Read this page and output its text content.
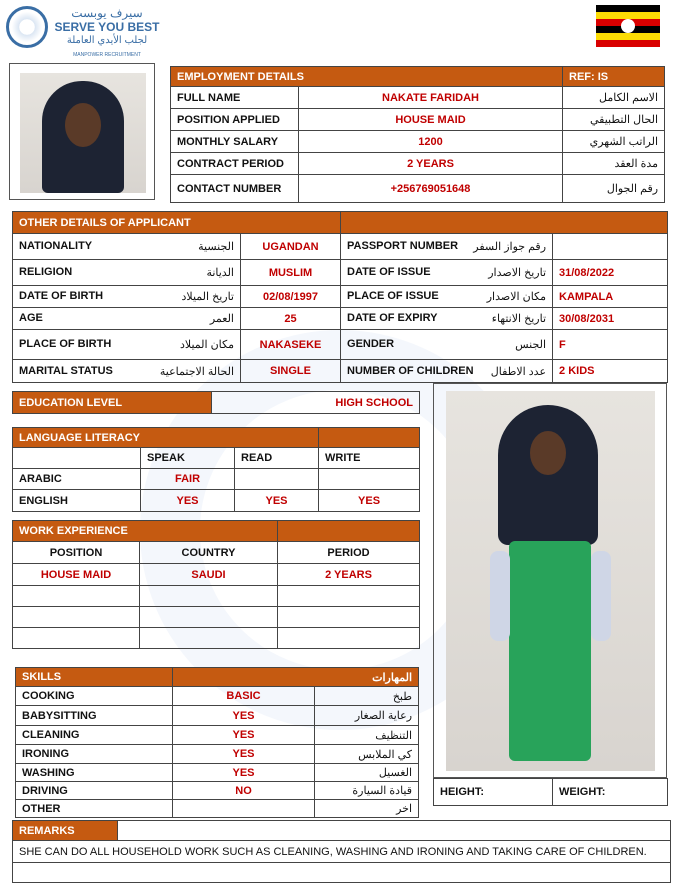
سيرف يوبست
SERVE YOU BEST
لجلب الأيدي العاملة
MANPOWER RECRUITMENT
EMPLOYMENT DETAILS		REF: IS
FULL NAME	NAKATE FARIDAH	الاسم الكامل
POSITION APPLIED	HOUSE MAID	الحال التطبيقي
MONTHLY SALARY	1200	الراتب الشهري
CONTRACT PERIOD	2 YEARS	مدة العقد
CONTACT NUMBER	+256769051648	رقم الجوال
OTHER DETAILS OF APPLICANT			
NATIONALITY الجنسية	UGANDAN	PASSPORT NUMBER رقم جواز السفر	

RELIGION الديانة	MUSLIM	DATE OF ISSUE تاريخ الاصدار	31/08/2022
DATE OF BIRTH تاريخ الميلاد	02/08/1997	PLACE OF ISSUE مكان الاصدار	KAMPALA
AGE العمر	25	DATE OF EXPIRY تاريخ الانتهاء	30/08/2031
PLACE OF BIRTH مكان الميلاد	NAKASEKE	GENDER الجنس	F
MARITAL STATUS الحالة الاجتماعية	SINGLE	NUMBER OF CHILDREN عدد الاطفال	2 KIDS
EDUCATION LEVEL	HIGH SCHOOL
LANGUAGE LITERACY			
	SPEAK	READ	WRITE
ARABIC	FAIR		
ENGLISH	YES	YES	YES
WORK EXPERIENCE		
POSITION	COUNTRY	PERIOD
HOUSE MAID	SAUDI	2 YEARS

SKILLS	المهارات	
COOKING	BASIC	طبخ
BABYSITTING	YES	رعاية الصغار
CLEANING	YES	التنظيف
IRONING	YES	كي الملابس
WASHING	YES	الغسيل
DRIVING	NO	قيادة السيارة
OTHER		اخر
HEIGHT:	WEIGHT:
REMARKS	
SHE CAN DO ALL HOUSEHOLD WORK SUCH AS CLEANING, WASHING AND IRONING AND TAKING CARE OF CHILDREN.
